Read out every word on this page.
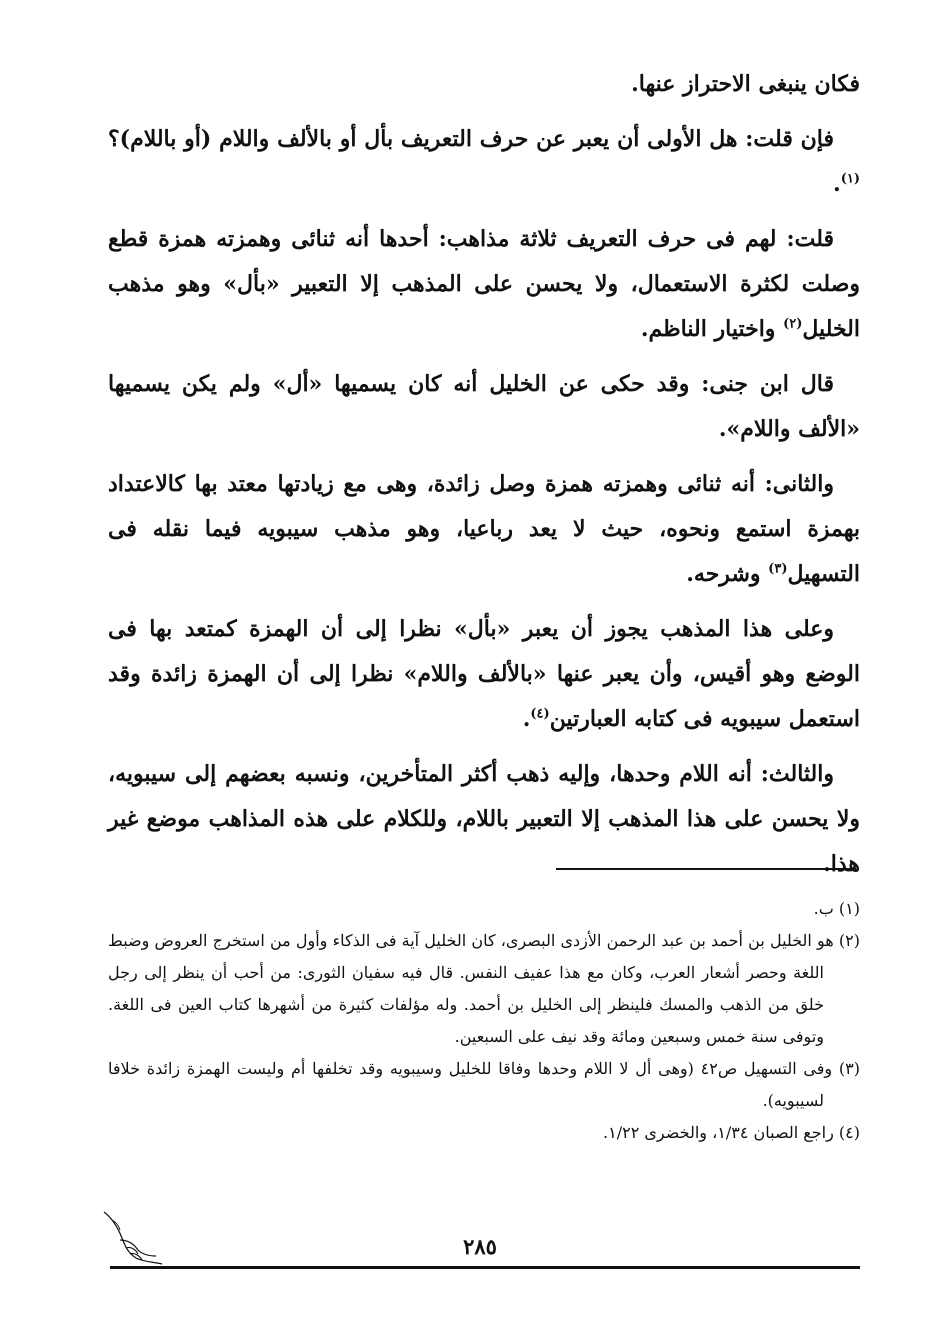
فكان ينبغى الاحتراز عنها.

فإن قلت: هل الأولى أن يعبر عن حرف التعريف بأل أو بالألف واللام (أو باللام)؟$^{(١)}$.

قلت: لهم فى حرف التعريف ثلاثة مذاهب: أحدها أنه ثنائى وهمزته همزة قطع وصلت لكثرة الاستعمال، ولا يحسن على المذهب إلا التعبير «بأل» وهو مذهب الخليل$^{(٢)}$ واختيار الناظم.

قال ابن جنى: وقد حكى عن الخليل أنه كان يسميها «أل» ولم يكن يسميها «الألف واللام».

والثانى: أنه ثنائى وهمزته همزة وصل زائدة، وهى مع زيادتها معتد بها كالاعتداد بهمزة استمع ونحوه، حيث لا يعد رباعيا، وهو مذهب سيبويه فيما نقله فى التسهيل$^{(٣)}$ وشرحه.

وعلى هذا المذهب يجوز أن يعبر «بأل» نظرا إلى أن الهمزة كمتعد بها فى الوضع وهو أقيس، وأن يعبر عنها «بالألف واللام» نظرا إلى أن الهمزة زائدة وقد استعمل سيبويه فى كتابه العبارتين$^{(٤)}$.

والثالث: أنه اللام وحدها، وإليه ذهب أكثر المتأخرين، ونسبه بعضهم إلى سيبويه، ولا يحسن على هذا المذهب إلا التعبير باللام، وللكلام على هذه المذاهب موضع غير هذا.

(١) ب.

(٢) هو الخليل بن أحمد بن عبد الرحمن الأزدى البصرى، كان الخليل آية فى الذكاء وأول من استخرج العروض وضبط اللغة وحصر أشعار العرب، وكان مع هذا عفيف النفس. قال فيه سفيان الثورى: من أحب أن ينظر إلى رجل خلق من الذهب والمسك فلينظر إلى الخليل بن أحمد. وله مؤلفات كثيرة من أشهرها كتاب العين فى اللغة. وتوفى سنة خمس وسبعين ومائة وقد نيف على السبعين.

(٣) وفى التسهيل ص٤٢ (وهى أل لا اللام وحدها وفاقا للخليل وسيبويه وقد تخلفها أم وليست الهمزة زائدة خلافا لسيبويه).

(٤) راجع الصبان ١/٣٤، والخضرى ١/٢٢.

٢٨٥
